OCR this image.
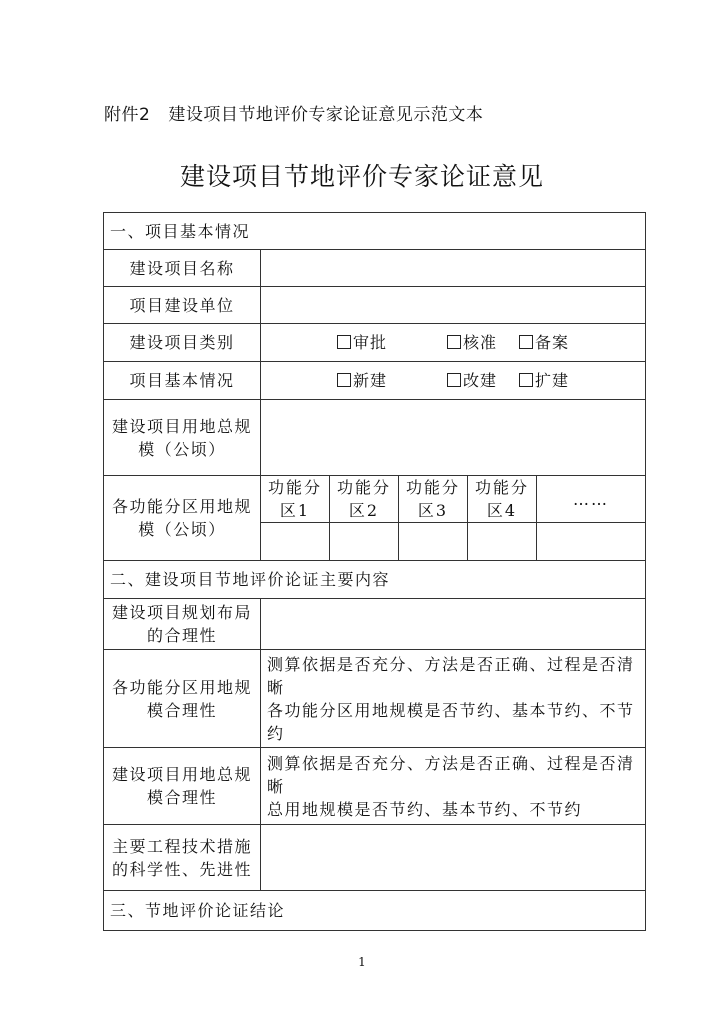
附件2 建设项目节地评价专家论证意见示范文本
建设项目节地评价专家论证意见
一、项目基本情况					
建设项目名称					
项目建设单位					
建设项目类别	审批 核准 备案				
项目基本情况	新建 改建 扩建				
建设项目用地总规模（公顷）					
各功能分区用地规模（公顷）	功能分区1	功能分区2	功能分区3	功能分区4	……

二、建设项目节地评价论证主要内容					
建设项目规划布局的合理性					
各功能分区用地规模合理性	测算依据是否充分、方法是否正确、过程是否清晰
各功能分区用地规模是否节约、基本节约、不节约				

建设项目用地总规模合理性	测算依据是否充分、方法是否正确、过程是否清晰
总用地规模是否节约、基本节约、不节约				

主要工程技术措施的科学性、先进性					
三、节地评价论证结论					
1
